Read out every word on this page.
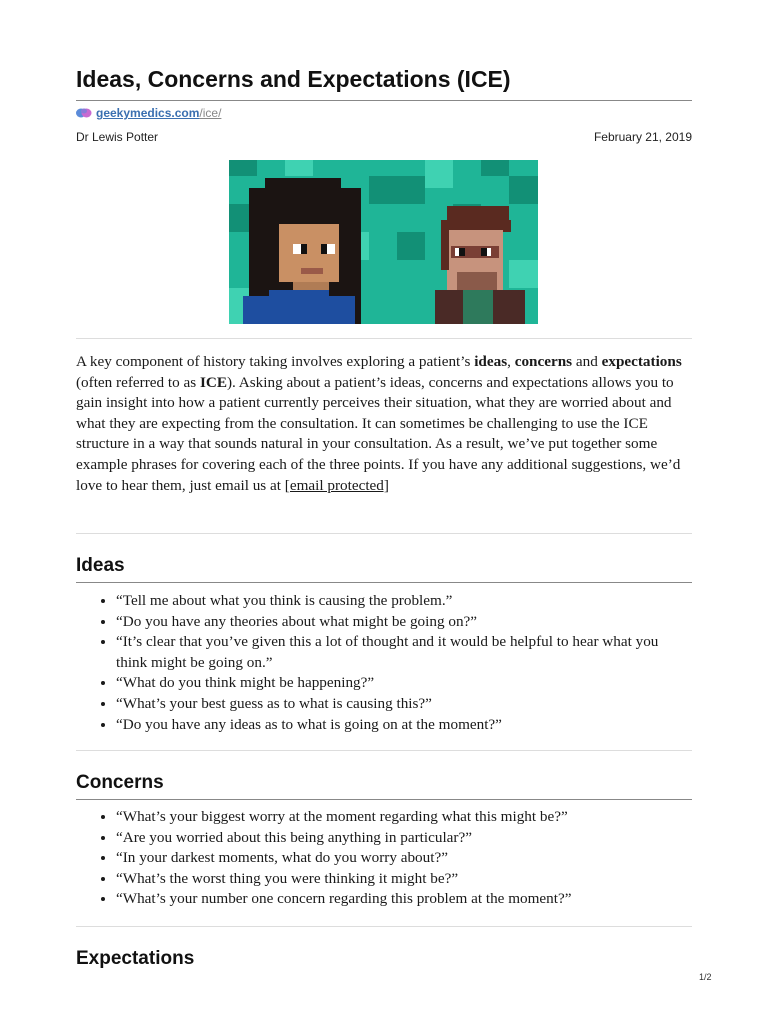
Ideas, Concerns and Expectations (ICE)
geekymedics.com /ice/
Dr Lewis Potter	February 21, 2019

A key component of history taking involves exploring a patient’s ideas, concerns and expectations (often referred to as ICE). Asking about a patient’s ideas, concerns and expectations allows you to gain insight into how a patient currently perceives their situation, what they are worried about and what they are expecting from the consultation. It can sometimes be challenging to use the ICE structure in a way that sounds natural in your consultation. As a result, we’ve put together some example phrases for covering each of the three points. If you have any additional suggestions, we’d love to hear them, just email us at [email protected]

Ideas
• “Tell me about what you think is causing the problem.”
• “Do you have any theories about what might be going on?”
• “It’s clear that you’ve given this a lot of thought and it would be helpful to hear what you think might be going on.”
• “What do you think might be happening?”
• “What’s your best guess as to what is causing this?”
• “Do you have any ideas as to what is going on at the moment?”
Concerns
• “What’s your biggest worry at the moment regarding what this might be?”
• “Are you worried about this being anything in particular?”
• “In your darkest moments, what do you worry about?”
• “What’s the worst thing you were thinking it might be?”
• “What’s your number one concern regarding this problem at the moment?”
Expectations
1/2
